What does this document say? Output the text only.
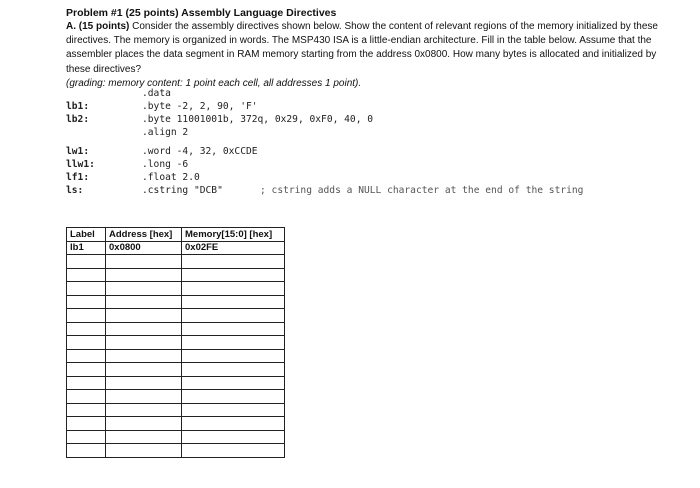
Problem #1 (25 points) Assembly Language Directives

A. (15 points) Consider the assembly directives shown below. Show the content of relevant regions of the memory initialized by these directives. The memory is organized in words. The MSP430 ISA is a little-endian architecture. Fill in the table below. Assume that the assembler places the data segment in RAM memory starting from the address 0x0800. How many bytes is allocated and initialized by these directives?

(grading: memory content: 1 point each cell, all addresses 1 point).
.data
lb1:	.byte -2, 2, 90, 'F'
lb2:	.byte 11001001b, 372q, 0x29, 0xF0, 40, 0
.align 2
lw1:	.word -4, 32, 0xCCDE
llw1:	.long -6
lf1:	.float 2.0
ls:	.cstring "DCB"	; cstring adds a NULL character at the end of the string
Label	Address [hex]	Memory[15:0] [hex]
lb1	0x0800	0x02FE
